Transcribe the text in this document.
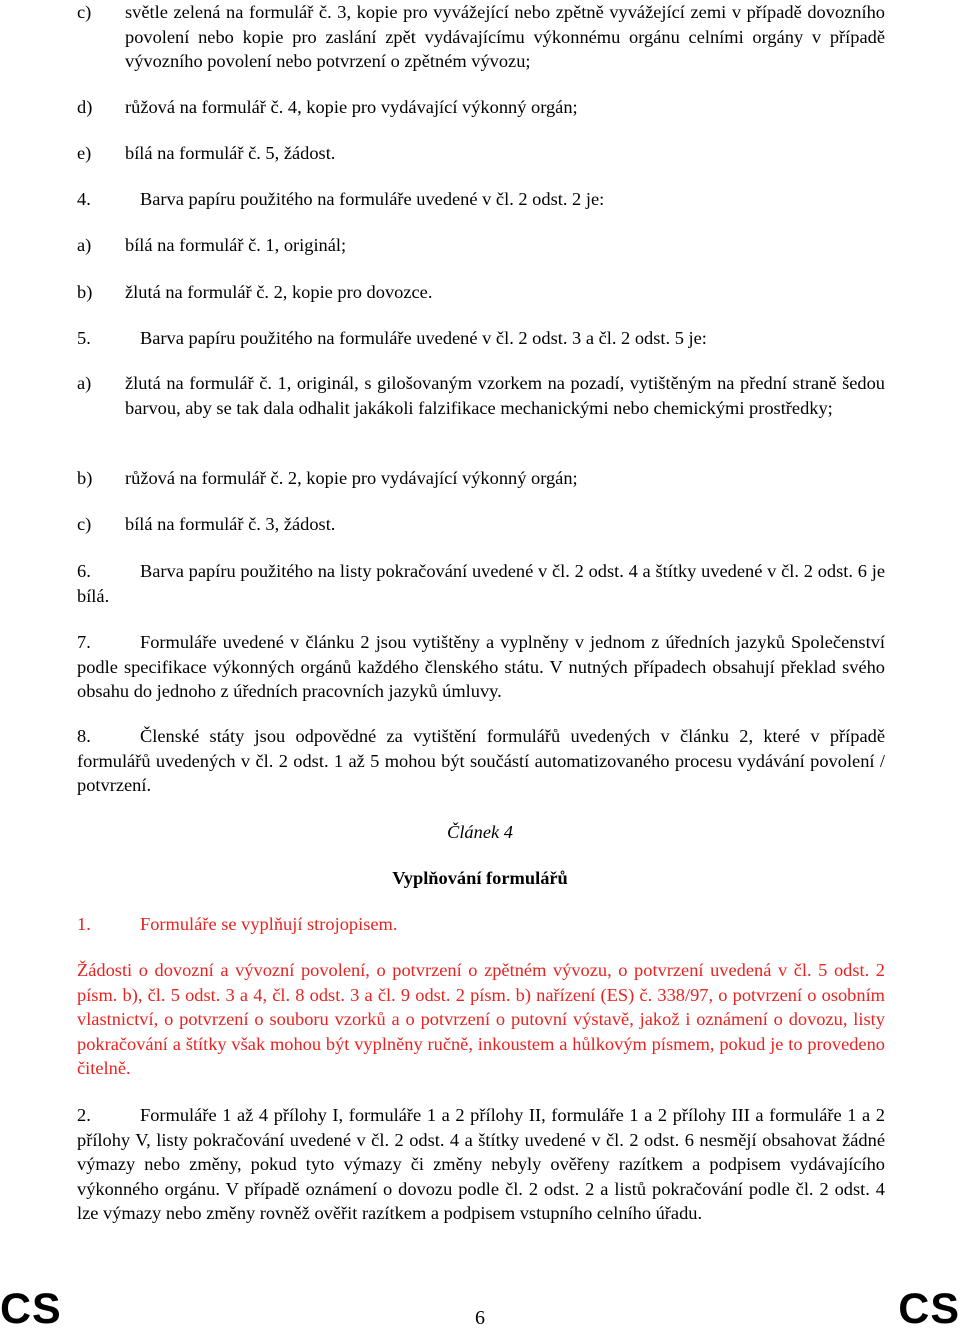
c) světle zelená na formulář č. 3, kopie pro vyvážející nebo zpětně vyvážející zemi v případě dovozního povolení nebo kopie pro zaslání zpět vydávajícímu výkonnému orgánu celními orgány v případě vývozního povolení nebo potvrzení o zpětném vývozu;
d) růžová na formulář č. 4, kopie pro vydávající výkonný orgán;
e) bílá na formulář č. 5, žádost.
4.	Barva papíru použitého na formuláře uvedené v čl. 2 odst. 2 je:
a) bílá na formulář č. 1, originál;
b) žlutá na formulář č. 2, kopie pro dovozce.
5.	Barva papíru použitého na formuláře uvedené v čl. 2 odst. 3 a čl. 2 odst. 5 je:
a) žlutá na formulář č. 1, originál, s gilošovaným vzorkem na pozadí, vytištěným na přední straně šedou barvou, aby se tak dala odhalit jakákoli falzifikace mechanickými nebo chemickými prostředky;
b) růžová na formulář č. 2, kopie pro vydávající výkonný orgán;
c) bílá na formulář č. 3, žádost.
6.	Barva papíru použitého na listy pokračování uvedené v čl. 2 odst. 4 a štítky uvedené v čl. 2 odst. 6 je bílá.
7.	Formuláře uvedené v článku 2 jsou vytištěny a vyplněny v jednom z úředních jazyků Společenství podle specifikace výkonných orgánů každého členského státu. V nutných případech obsahují překlad svého obsahu do jednoho z úředních pracovních jazyků úmluvy.
8.	Členské státy jsou odpovědné za vytištění formulářů uvedených v článku 2, které v případě formulářů uvedených v čl. 2 odst. 1 až 5 mohou být součástí automatizovaného procesu vydávání povolení / potvrzení.
Článek 4
Vyplňování formulářů
1.	Formuláře se vyplňují strojopisem.
Žádosti o dovozní a vývozní povolení, o potvrzení o zpětném vývozu, o potvrzení uvedená v čl. 5 odst. 2 písm. b), čl. 5 odst. 3 a 4, čl. 8 odst. 3 a čl. 9 odst. 2 písm. b) nařízení (ES) č. 338/97, o potvrzení o osobním vlastnictví, o potvrzení o souboru vzorků a o potvrzení o putovní výstavě, jakož i oznámení o dovozu, listy pokračování a štítky však mohou být vyplněny ručně, inkoustem a hůlkovým písmem, pokud je to provedeno čitelně.
2.	Formuláře 1 až 4 přílohy I, formuláře 1 a 2 přílohy II, formuláře 1 a 2 přílohy III a formuláře 1 a 2 přílohy V, listy pokračování uvedené v čl. 2 odst. 4 a štítky uvedené v čl. 2 odst. 6 nesmějí obsahovat žádné výmazy nebo změny, pokud tyto výmazy či změny nebyly ověřeny razítkem a podpisem vydávajícího výkonného orgánu. V případě oznámení o dovozu podle čl. 2 odst. 2 a listů pokračování podle čl. 2 odst. 4 lze výmazy nebo změny rovněž ověřit razítkem a podpisem vstupního celního úřadu.
CS	6	CS
